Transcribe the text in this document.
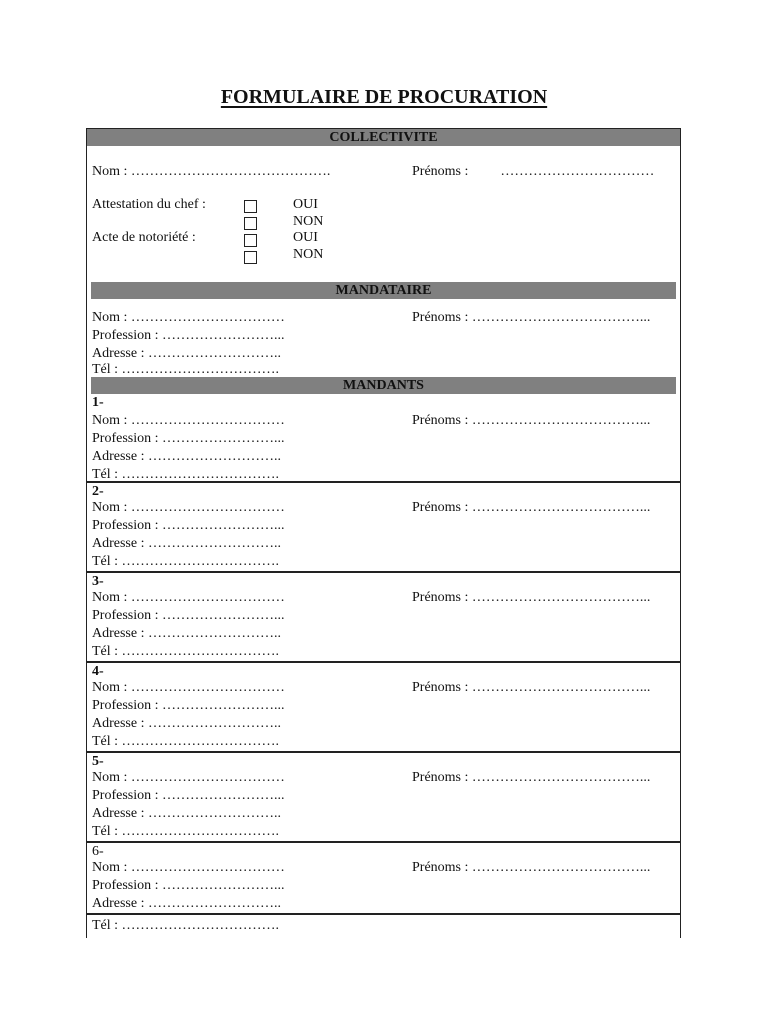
FORMULAIRE DE PROCURATION
COLLECTIVITE
Nom : …………………………………….	Prénoms : ……………………………
Attestation du chef :	OUI
NON
Acte de notoriété :	OUI
NON
MANDATAIRE
Nom : ……………………………	Prénoms : ………………………………...
Profession : ……………………...
Adresse : ………………………..
Tél : …………………………….
MANDANTS
1-
Nom : ……………………………	Prénoms : ………………………………...
Profession : ……………………...
Adresse : ………………………..
Tél : …………………………….
2-
Nom : ……………………………	Prénoms : ………………………………...
Profession : ……………………...
Adresse : ………………………..
Tél : …………………………….
3-
Nom : ……………………………	Prénoms : ………………………………...
Profession : ……………………...
Adresse : ………………………..
Tél : …………………………….
4-
Nom : ……………………………	Prénoms : ………………………………...
Profession : ……………………...
Adresse : ………………………..
Tél : …………………………….
5-
Nom : ……………………………	Prénoms : ………………………………...
Profession : ……………………...
Adresse : ………………………..
Tél : …………………………….
6-
Nom : ……………………………	Prénoms : ………………………………...
Profession : ……………………...
Adresse : ………………………..
Tél : …………………………….
